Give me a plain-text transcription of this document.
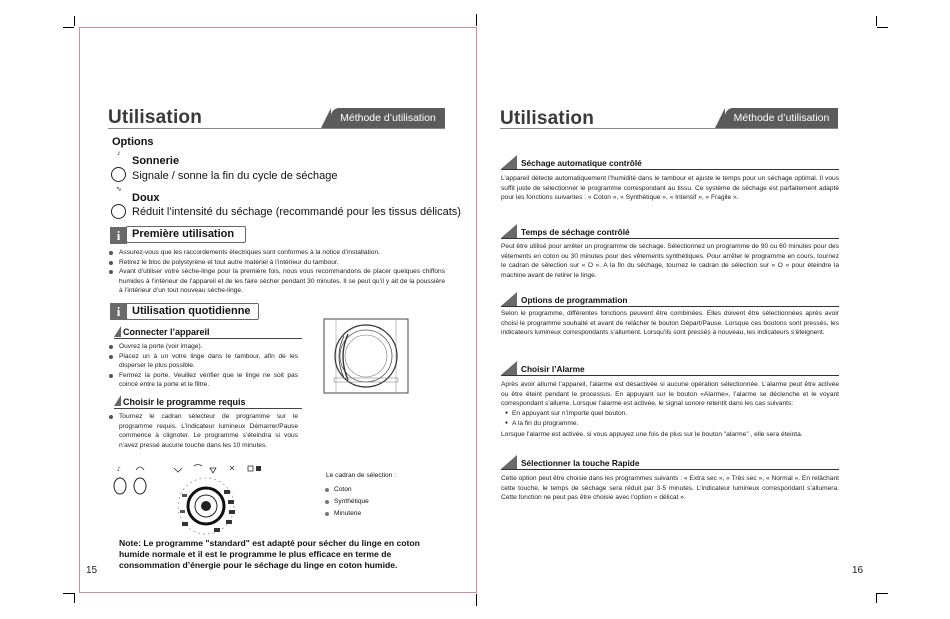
Utilisation	Méthode d’utilisation
Options
♪
Sonnerie
Signale / sonne la fin du cycle de séchage
∿
Doux
Réduit l’intensité du séchage (recommandé pour les tissus délicats)
i	Première utilisation
Assurez-vous que les raccordements électriques sont conformes à la notice d’installation.
Retirez le bloc de polystyrène et tout autre matériel à l’intérieur du tambour.
Avant d’utiliser votre sèche-linge pour la première fois, nous vous recommandons de placer quelques chiffons humides à l’intérieur de l’appareil et de les faire sécher pendant 30 minutes. Il se peut qu’il y ait de la poussière à l’intérieur d’un tout nouveau sèche-linge.
i	Utilisation quotidienne
Connecter l’appareil
Ouvrez la porte (voir image).
Placez un à un votre linge dans le tambour, afin de les disperser le plus possible.
Fermez la porte. Veuillez vérifier que le linge ne soit pas coincé entre la porte et le filtre.
Choisir le programme requis
Tournez le cadran sélecteur de programme sur le programme requis. L’indicateur lumineux Démarrer/Pause commence à clignoter. Le programme s’éteindra si vous n’avez pressé aucune touche dans les 10 minutes.
♪
Le cadran de sélection :
Coton
Synthétique
Minuterie
Note: Le programme "standard" est adapté pour sécher du linge en coton humide normale et il est le programme le plus efficace en terme de consommation d’énergie pour le séchage du linge en coton humide.
15
Utilisation	Méthode d’utilisation
Séchage automatique contrôlé

L’appareil détecte automatiquement l’humidité dans le tambour et ajuste le temps pour un séchage optimal. Il vous suffit juste de sélectionner le programme correspondant au tissu. Ce système de séchage est parfaitement adapté pour les fonctions suivantes : « Coton », « Synthétique », « Intensif », « Fragile ».

Temps de séchage contrôlé

Peut être utilisé pour arrêter un programme de séchage. Sélectionnez un programme de 90 ou 60 minutes pour des vêtements en coton ou 30 minutes pour des vêtements synthétiques. Pour arrêter le programme en cours, tournez le cadran de sélection sur « O ». A la fin du séchage, tournez le cadran de sélection sur « O » pour éteindre la machine avant de retirer le linge.

Options de programmation

Selon le programme, différentes fonctions peuvent être combinées. Elles doivent être sélectionnées après avoir choisi le programme souhaité et avant de relâcher le bouton Départ/Pause. Lorsque ces boutons sont pressés, les indicateurs lumineux correspondants s’allument. Lorsqu’ils sont pressés à nouveau, les indicateurs s’éteignent.

Choisir l’Alarme

Après avoir allumé l’appareil, l’alarme est désactivée si aucune opération sélectionnée. L’alarme peut être activée ou être éteint pendant le processus. En appuyant sur le bouton «Alarme», l’alarme se déclenche et le voyant correspondant s’allume. Lorsque l’alarme est activée, le signal sonore retentit dans les cas suivants:

● En appuyant sur n’importe quel bouton.

● A la fin du programme.

Lorsque l’alarme est activée, si vous appuyez une fois de plus sur le bouton "alarme" , elle sera éteinta.

Sélectionner la touche Rapide

Cette option peut être choisie dans les programmes suivants : « Extra sec », « Très sec », « Normal ». En relâchant cette touche, le temps de séchage sera réduit par 3-5 minutes. L’indicateur lumineux correspondant s’allumera. Cette fonction ne peut pas être choisie avec l’option « délicat ».

16
